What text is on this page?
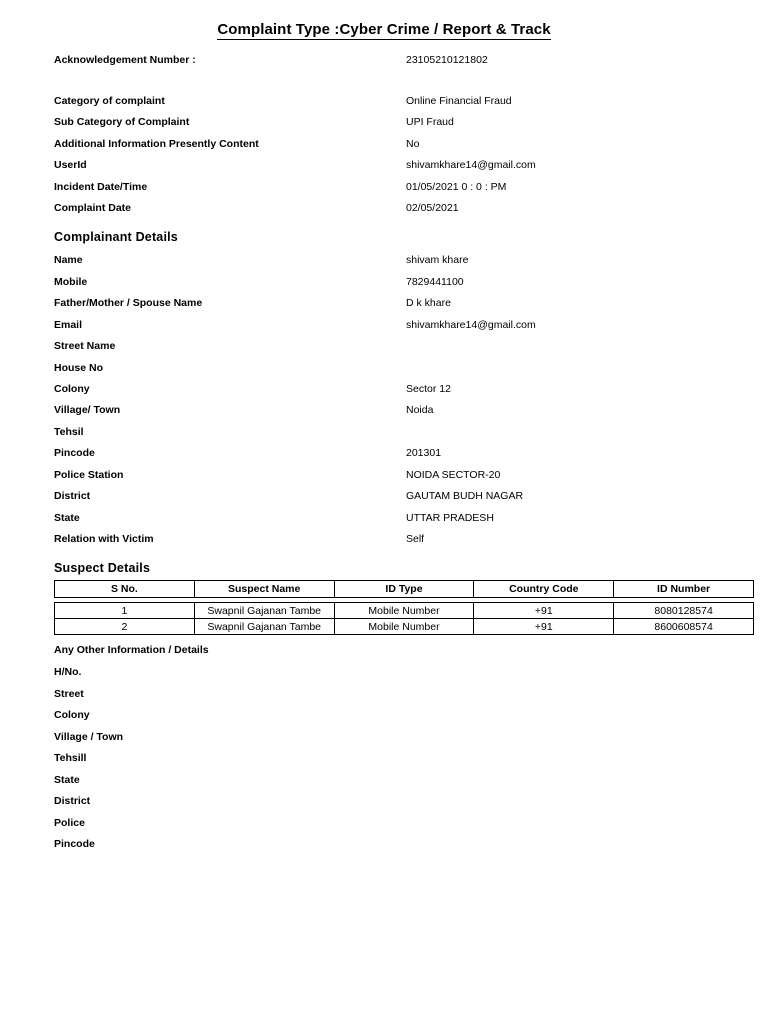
Complaint Type :Cyber Crime / Report & Track
Acknowledgement Number :	23105210121802
Category of complaint	Online Financial Fraud
Sub Category of Complaint	UPI Fraud
Additional Information Presently Content	No
UserId	shivamkhare14@gmail.com
Incident Date/Time	01/05/2021 0 : 0 : PM
Complaint Date	02/05/2021
Complainant Details
Name	shivam khare
Mobile	7829441100
Father/Mother / Spouse Name	D k khare
Email	shivamkhare14@gmail.com
Street Name
House No
Colony	Sector 12
Village/ Town	Noida
Tehsil
Pincode	201301
Police Station	NOIDA SECTOR-20
District	GAUTAM BUDH NAGAR
State	UTTAR PRADESH
Relation with Victim	Self
Suspect Details
S No.	Suspect Name	ID Type	Country Code	ID Number
1	Swapnil Gajanan Tambe	Mobile Number	+91	8080128574
2	Swapnil Gajanan Tambe	Mobile Number	+91	8600608574
Any Other Information / Details
H/No.
Street
Colony
Village / Town
Tehsill
State
District
Police
Pincode
